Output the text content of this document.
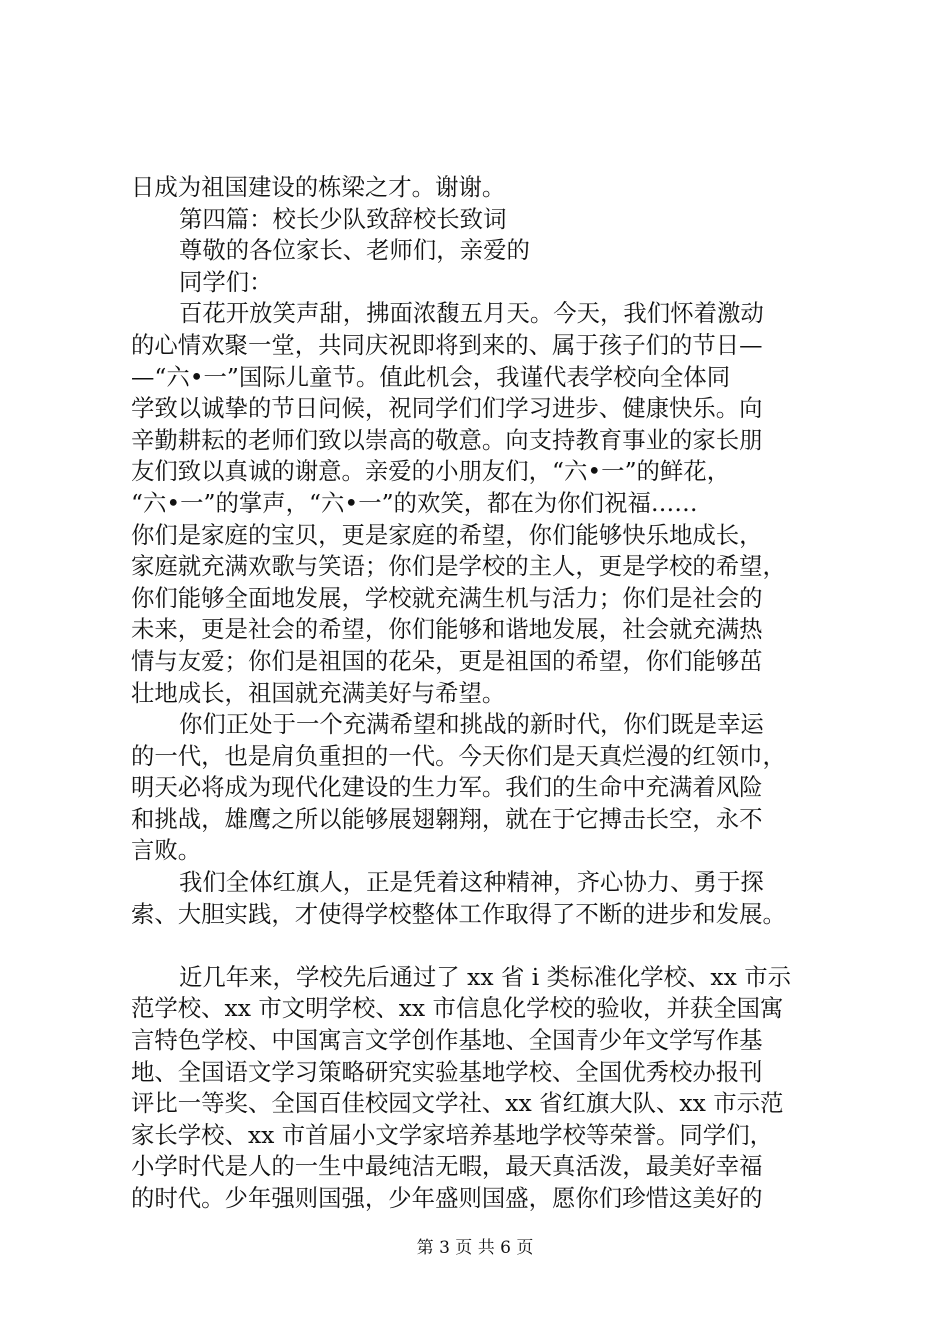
日成为祖国建设的栋梁之才。谢谢。
第四篇：校长少队致辞校长致词
尊敬的各位家长、老师们，亲爱的
同学们：
百花开放笑声甜，拂面浓馥五月天。今天，我们怀着激动
的心情欢聚一堂，共同庆祝即将到来的、属于孩子们的节日—
—“六•一”国际儿童节。值此机会，我谨代表学校向全体同
学致以诚挚的节日问候，祝同学们们学习进步、健康快乐。向
辛勤耕耘的老师们致以崇高的敬意。向支持教育事业的家长朋
友们致以真诚的谢意。亲爱的小朋友们，“六•一”的鲜花，
“六•一”的掌声，“六•一”的欢笑，都在为你们祝福……
你们是家庭的宝贝，更是家庭的希望，你们能够快乐地成长，
家庭就充满欢歌与笑语；你们是学校的主人，更是学校的希望，
你们能够全面地发展，学校就充满生机与活力；你们是社会的
未来，更是社会的希望，你们能够和谐地发展，社会就充满热
情与友爱；你们是祖国的花朵，更是祖国的希望，你们能够茁
壮地成长，祖国就充满美好与希望。
你们正处于一个充满希望和挑战的新时代，你们既是幸运
的一代，也是肩负重担的一代。今天你们是天真烂漫的红领巾，
明天必将成为现代化建设的生力军。我们的生命中充满着风险
和挑战，雄鹰之所以能够展翅翱翔，就在于它搏击长空，永不
言败。
我们全体红旗人，正是凭着这种精神，齐心协力、勇于探
索、大胆实践，才使得学校整体工作取得了不断的进步和发展。
近几年来，学校先后通过了 xx 省 i 类标准化学校、xx 市示
范学校、xx 市文明学校、xx 市信息化学校的验收，并获全国寓
言特色学校、中国寓言文学创作基地、全国青少年文学写作基
地、全国语文学习策略研究实验基地学校、全国优秀校办报刊
评比一等奖、全国百佳校园文学社、xx 省红旗大队、xx 市示范
家长学校、xx 市首届小文学家培养基地学校等荣誉。同学们，
小学时代是人的一生中最纯洁无暇，最天真活泼，最美好幸福
的时代。少年强则国强，少年盛则国盛，愿你们珍惜这美好的
第 3 页 共 6 页
